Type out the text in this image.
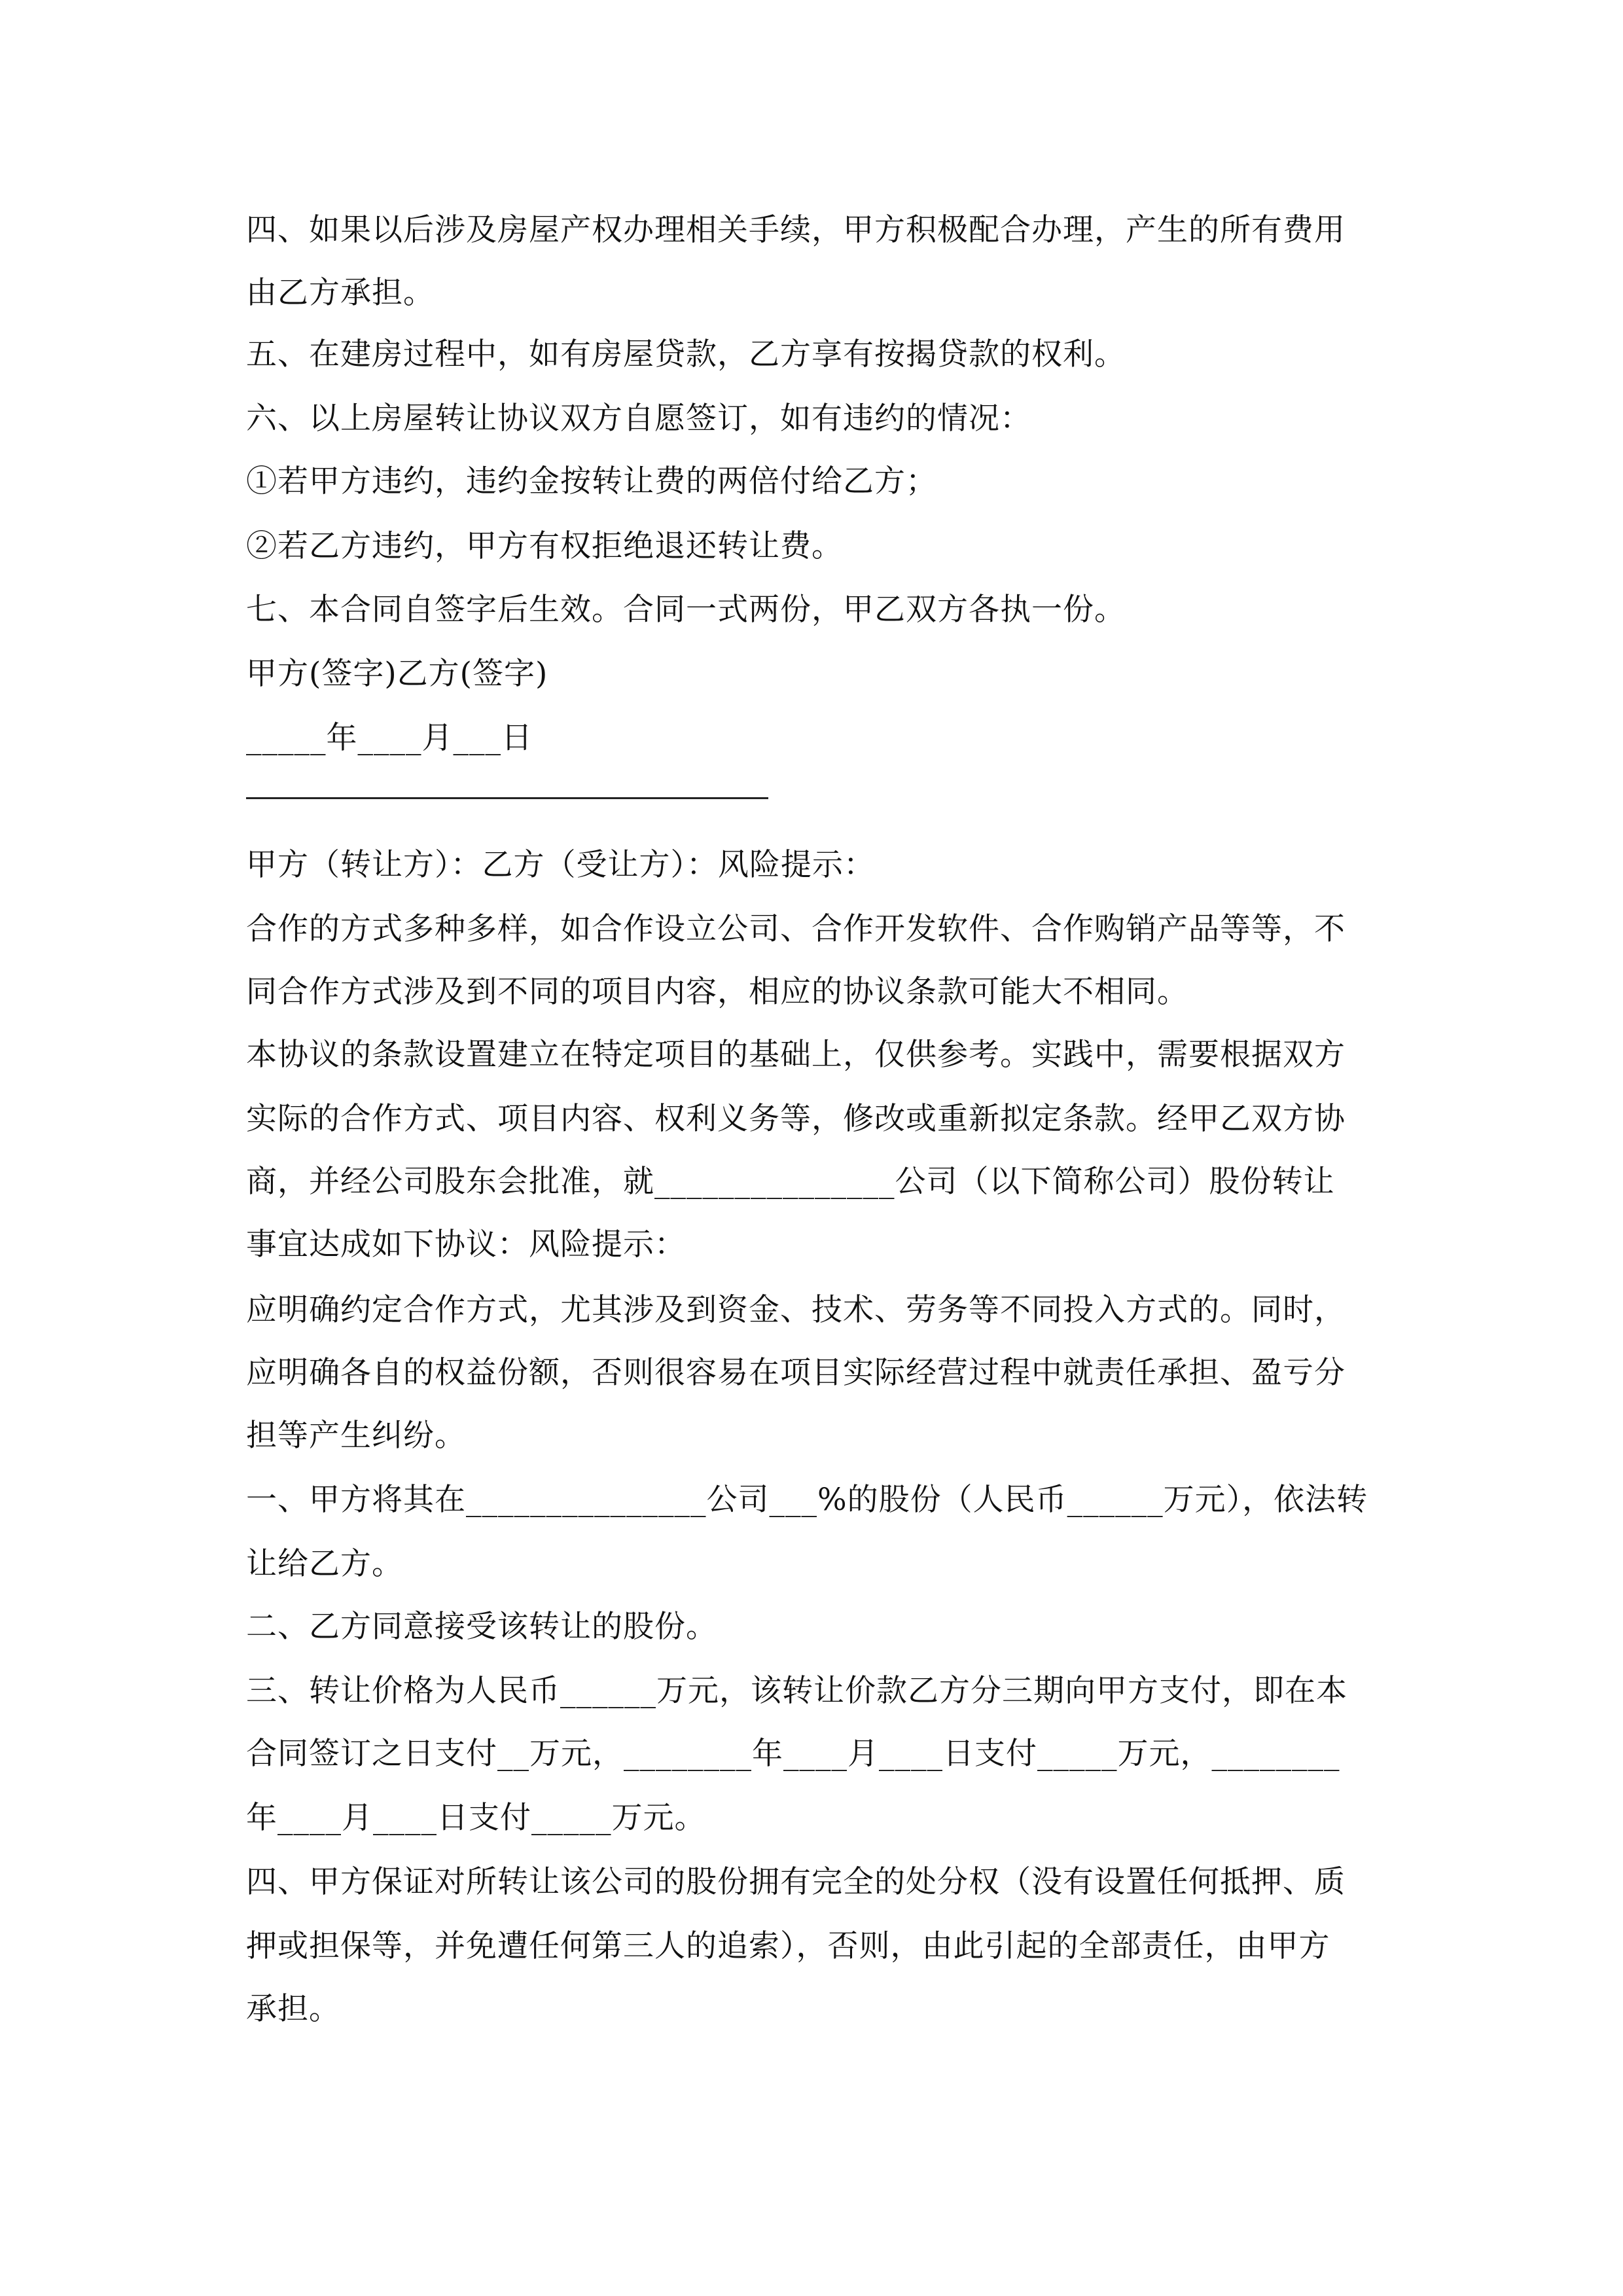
四、如果以后涉及房屋产权办理相关手续，甲方积极配合办理，产生的所有费用
由乙方承担。
五、在建房过程中，如有房屋贷款，乙方享有按揭贷款的权利。
六、以上房屋转让协议双方自愿签订，如有违约的情况：
①若甲方违约，违约金按转让费的两倍付给乙方；
②若乙方违约，甲方有权拒绝退还转让费。
七、本合同自签字后生效。合同一式两份，甲乙双方各执一份。
甲方(签字)乙方(签字)
_____年____月___日
甲方（转让方）：乙方（受让方）：风险提示：
合作的方式多种多样，如合作设立公司、合作开发软件、合作购销产品等等，不
同合作方式涉及到不同的项目内容，相应的协议条款可能大不相同。
本协议的条款设置建立在特定项目的基础上，仅供参考。实践中，需要根据双方
实际的合作方式、项目内容、权利义务等，修改或重新拟定条款。经甲乙双方协
商，并经公司股东会批准，就_______________公司（以下简称公司）股份转让
事宜达成如下协议：风险提示：
应明确约定合作方式，尤其涉及到资金、技术、劳务等不同投入方式的。同时，
应明确各自的权益份额，否则很容易在项目实际经营过程中就责任承担、盈亏分
担等产生纠纷。
一、甲方将其在_______________公司___%的股份（人民币______万元），依法转
让给乙方。
二、乙方同意接受该转让的股份。
三、转让价格为人民币______万元，该转让价款乙方分三期向甲方支付，即在本
合同签订之日支付__万元，________年____月____日支付_____万元，________
年____月____日支付_____万元。
四、甲方保证对所转让该公司的股份拥有完全的处分权（没有设置任何抵押、质
押或担保等，并免遭任何第三人的追索），否则，由此引起的全部责任，由甲方
承担。
